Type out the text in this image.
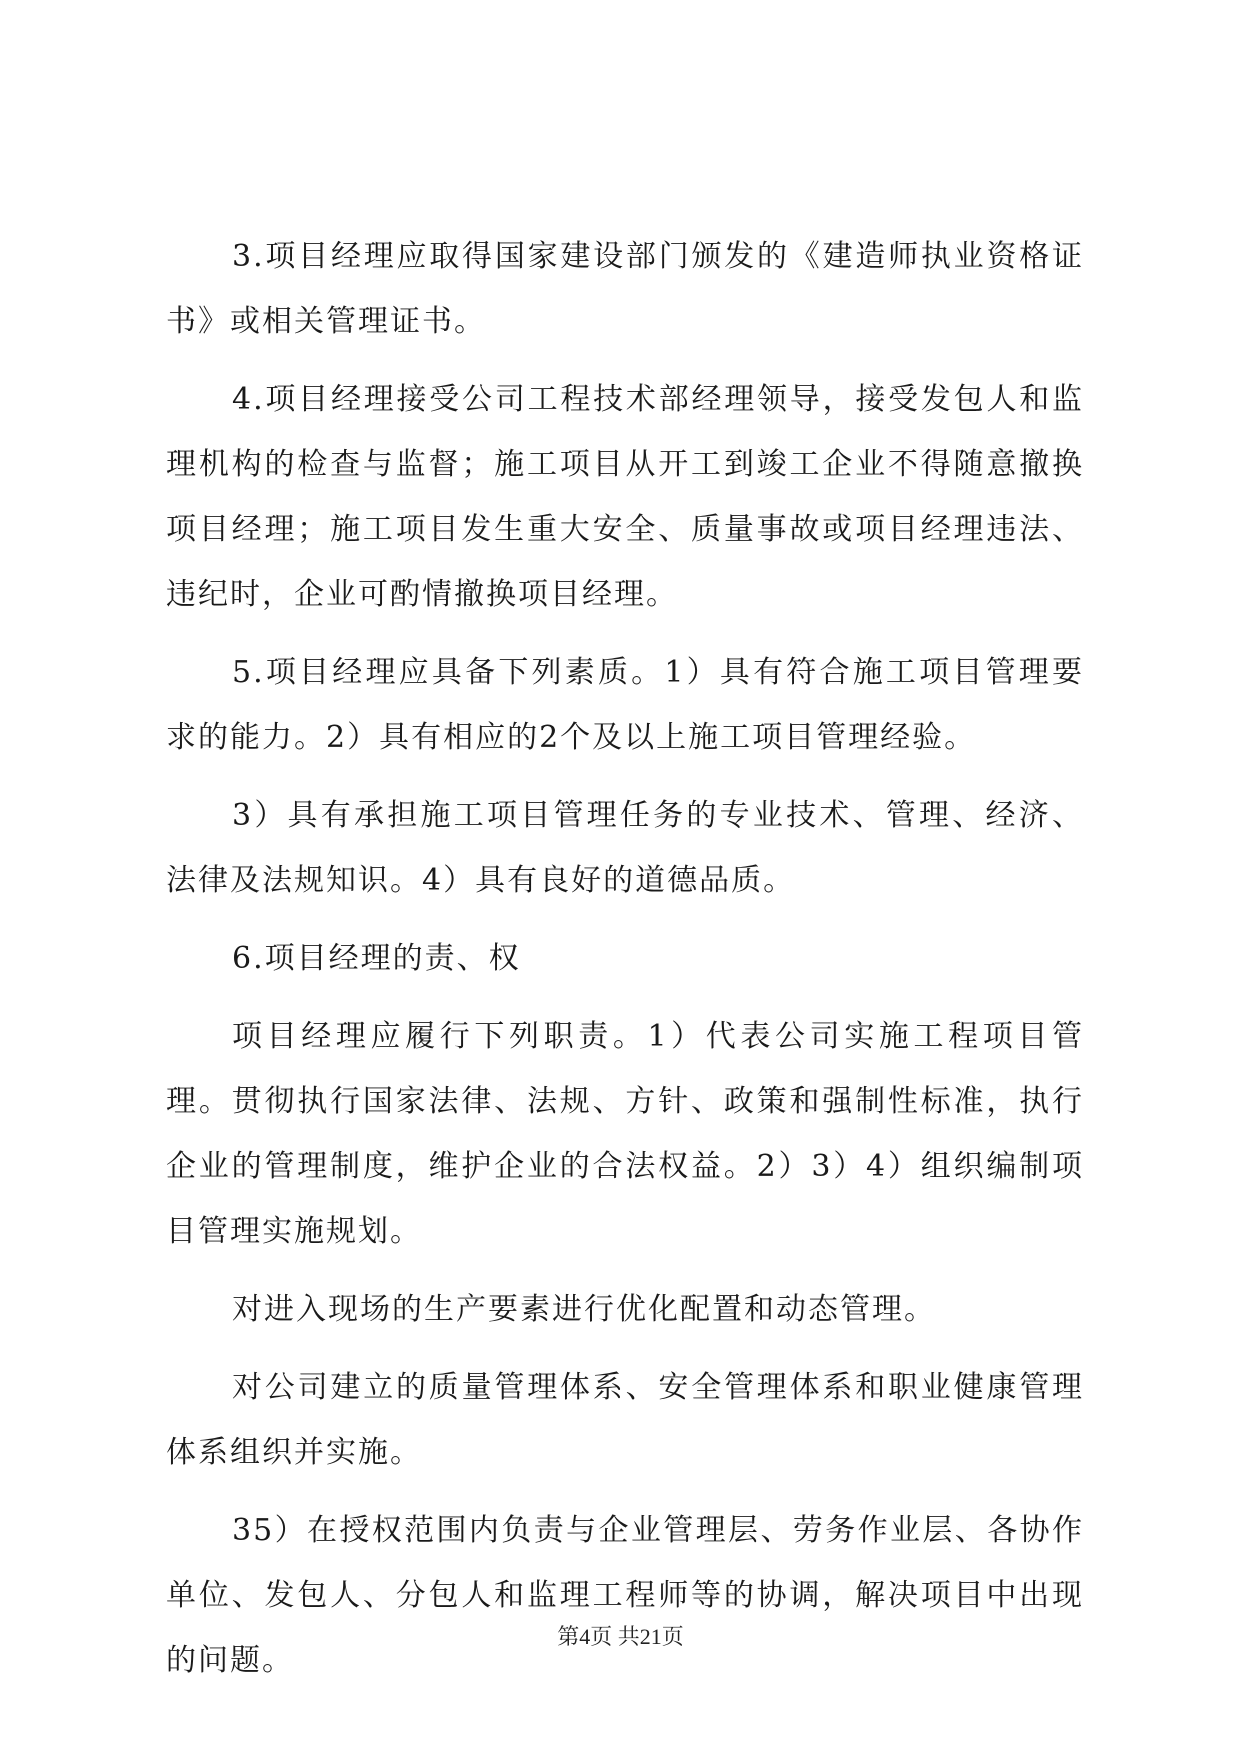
3.项目经理应取得国家建设部门颁发的《建造师执业资格证书》或相关管理证书。

4.项目经理接受公司工程技术部经理领导，接受发包人和监理机构的检查与监督；施工项目从开工到竣工企业不得随意撤换项目经理；施工项目发生重大安全、质量事故或项目经理违法、违纪时，企业可酌情撤换项目经理。

5.项目经理应具备下列素质。1）具有符合施工项目管理要求的能力。2）具有相应的2个及以上施工项目管理经验。

3）具有承担施工项目管理任务的专业技术、管理、经济、法律及法规知识。4）具有良好的道德品质。

6.项目经理的责、权

项目经理应履行下列职责。1）代表公司实施工程项目管理。贯彻执行国家法律、法规、方针、政策和强制性标准，执行企业的管理制度，维护企业的合法权益。2）3）4）组织编制项目管理实施规划。

对进入现场的生产要素进行优化配置和动态管理。

对公司建立的质量管理体系、安全管理体系和职业健康管理体系组织并实施。

35）在授权范围内负责与企业管理层、劳务作业层、各协作单位、发包人、分包人和监理工程师等的协调，解决项目中出现的问题。

第4页 共21页
